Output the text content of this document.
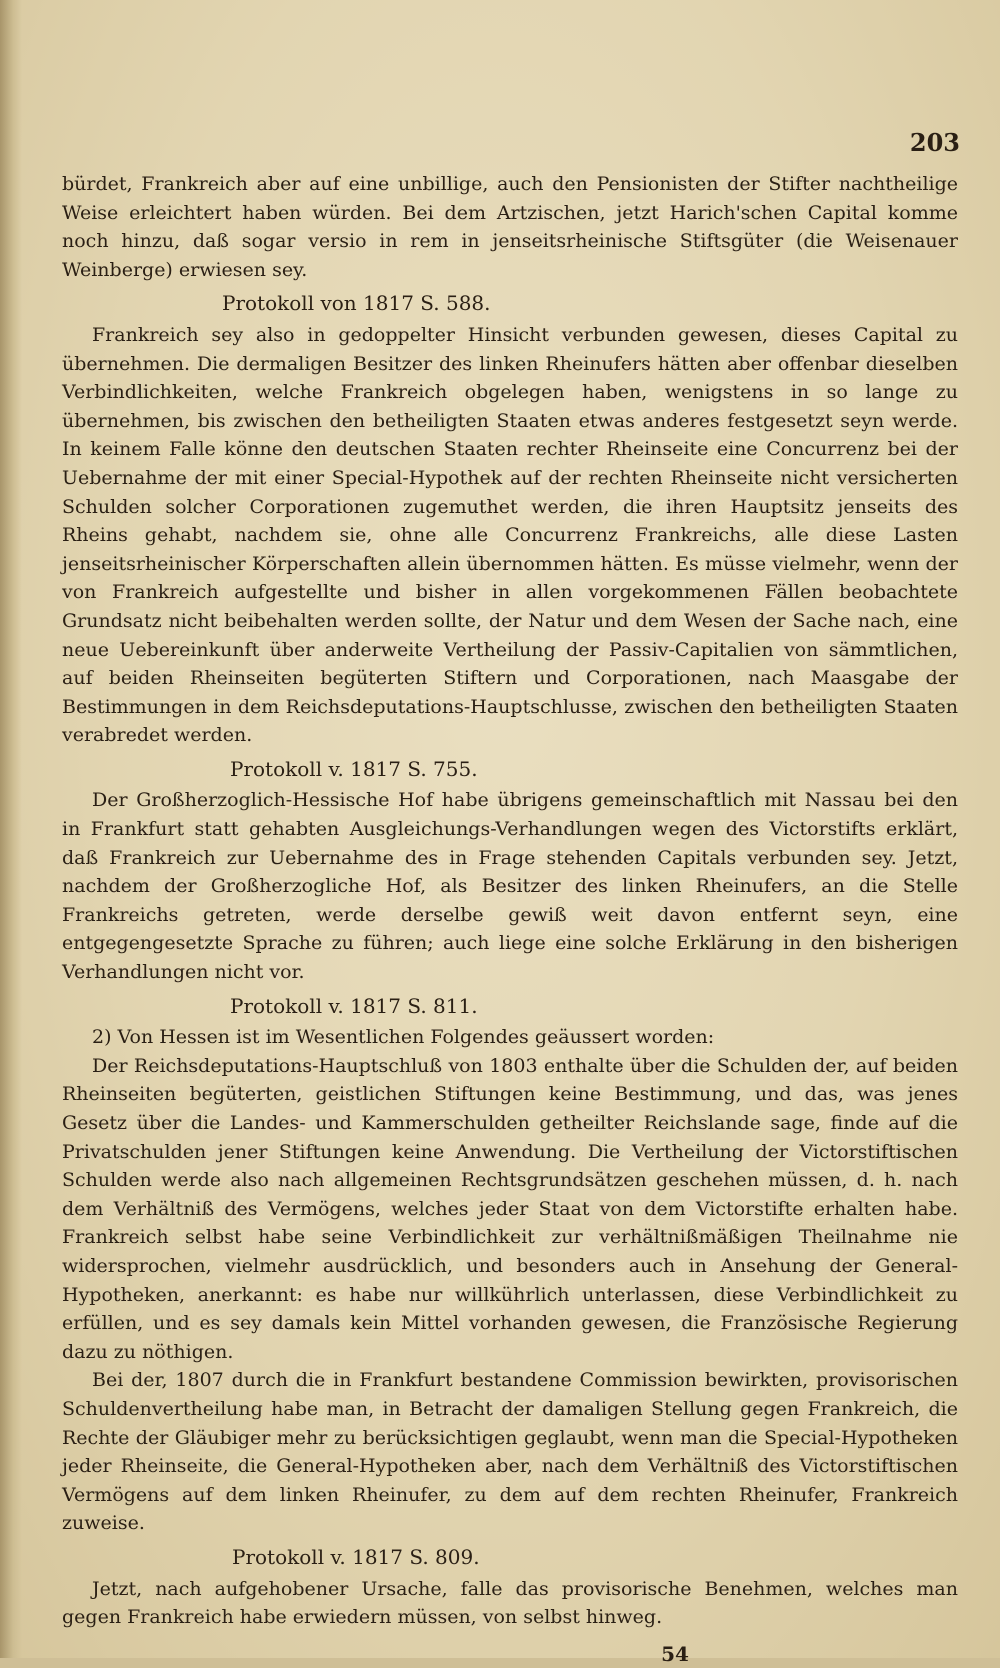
203

bürdet, Frankreich aber auf eine unbillige, auch den Pensionisten der Stifter nachtheilige Weise erleichtert haben würden. Bei dem Artzischen, jetzt Harich'schen Capital komme noch hinzu, daß sogar versio in rem in jenseitsrheinische Stiftsgüter (die Weisenauer Weinberge) erwiesen sey.

Protokoll von 1817 S. 588.

Frankreich sey also in gedoppelter Hinsicht verbunden gewesen, dieses Capital zu übernehmen. Die dermaligen Besitzer des linken Rheinufers hätten aber offenbar dieselben Verbindlichkeiten, welche Frankreich obgelegen haben, wenigstens in so lange zu übernehmen, bis zwischen den betheiligten Staaten etwas anderes festgesetzt seyn werde. In keinem Falle könne den deutschen Staaten rechter Rheinseite eine Concurrenz bei der Uebernahme der mit einer Special-Hypothek auf der rechten Rheinseite nicht versicherten Schulden solcher Corporationen zugemuthet werden, die ihren Hauptsitz jenseits des Rheins gehabt, nachdem sie, ohne alle Concurrenz Frankreichs, alle diese Lasten jenseitsrheinischer Körperschaften allein übernommen hätten. Es müsse vielmehr, wenn der von Frankreich aufgestellte und bisher in allen vorgekommenen Fällen beobachtete Grundsatz nicht beibehalten werden sollte, der Natur und dem Wesen der Sache nach, eine neue Uebereinkunft über anderweite Vertheilung der Passiv-Capitalien von sämmtlichen, auf beiden Rheinseiten begüterten Stiftern und Corporationen, nach Maasgabe der Bestimmungen in dem Reichsdeputations-Hauptschlusse, zwischen den betheiligten Staaten verabredet werden.

Protokoll v. 1817 S. 755.

Der Großherzoglich-Hessische Hof habe übrigens gemeinschaftlich mit Nassau bei den in Frankfurt statt gehabten Ausgleichungs-Verhandlungen wegen des Victorstifts erklärt, daß Frankreich zur Uebernahme des in Frage stehenden Capitals verbunden sey. Jetzt, nachdem der Großherzogliche Hof, als Besitzer des linken Rheinufers, an die Stelle Frankreichs getreten, werde derselbe gewiß weit davon entfernt seyn, eine entgegengesetzte Sprache zu führen; auch liege eine solche Erklärung in den bisherigen Verhandlungen nicht vor.

Protokoll v. 1817 S. 811.

2) Von Hessen ist im Wesentlichen Folgendes geäussert worden:

Der Reichsdeputations-Hauptschluß von 1803 enthalte über die Schulden der, auf beiden Rheinseiten begüterten, geistlichen Stiftungen keine Bestimmung, und das, was jenes Gesetz über die Landes- und Kammerschulden getheilter Reichslande sage, finde auf die Privatschulden jener Stiftungen keine Anwendung. Die Vertheilung der Victorstiftischen Schulden werde also nach allgemeinen Rechtsgrundsätzen geschehen müssen, d. h. nach dem Verhältniß des Vermögens, welches jeder Staat von dem Victorstifte erhalten habe. Frankreich selbst habe seine Verbindlichkeit zur verhältnißmäßigen Theilnahme nie widersprochen, vielmehr ausdrücklich, und besonders auch in Ansehung der General-Hypotheken, anerkannt: es habe nur willkührlich unterlassen, diese Verbindlichkeit zu erfüllen, und es sey damals kein Mittel vorhanden gewesen, die Französische Regierung dazu zu nöthigen.

Bei der, 1807 durch die in Frankfurt bestandene Commission bewirkten, provisorischen Schuldenvertheilung habe man, in Betracht der damaligen Stellung gegen Frankreich, die Rechte der Gläubiger mehr zu berücksichtigen geglaubt, wenn man die Special-Hypotheken jeder Rheinseite, die General-Hypotheken aber, nach dem Verhältniß des Victorstiftischen Vermögens auf dem linken Rheinufer, zu dem auf dem rechten Rheinufer, Frankreich zuweise.

Protokoll v. 1817 S. 809.

Jetzt, nach aufgehobener Ursache, falle das provisorische Benehmen, welches man gegen Frankreich habe erwiedern müssen, von selbst hinweg.

54
